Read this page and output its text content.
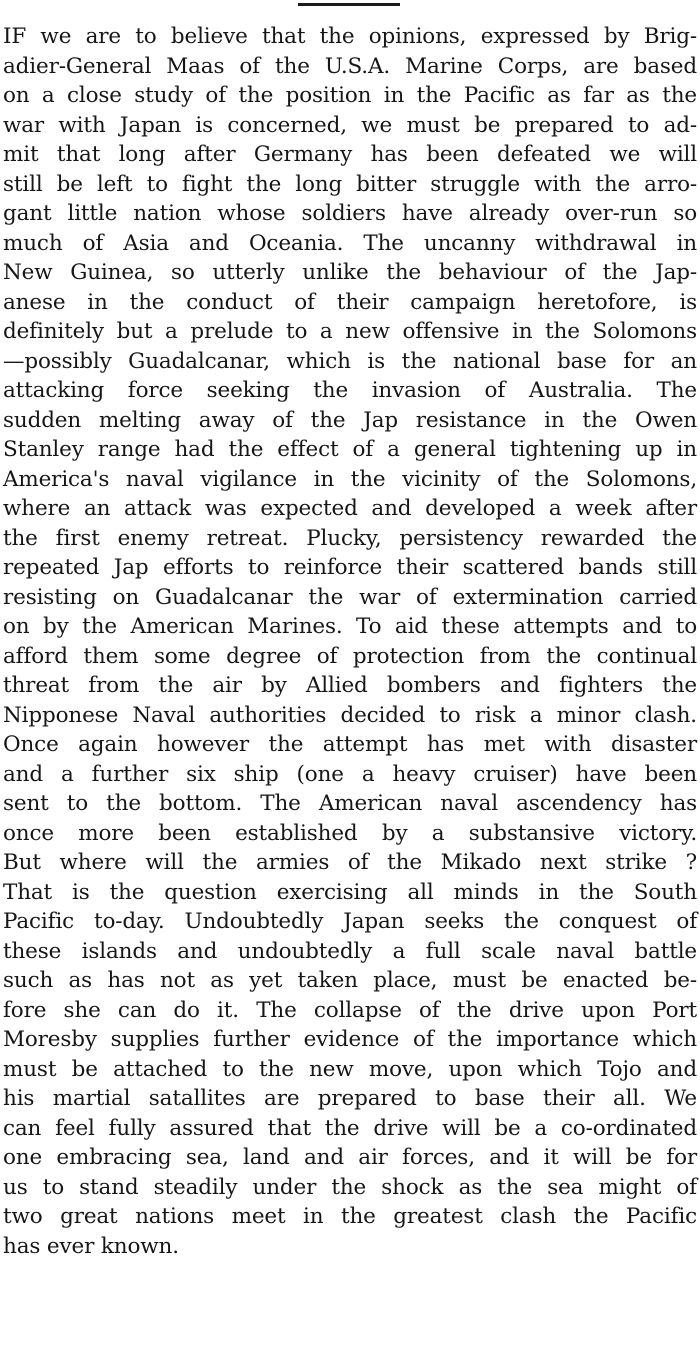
IF we are to believe that the opinions, expressed by Brig-
adier-General Maas of the U.S.A. Marine Corps, are based
on a close study of the position in the Pacific as far as the
war with Japan is concerned, we must be prepared to ad-
mit that long after Germany has been defeated we will
still be left to fight the long bitter struggle with the arro-
gant little nation whose soldiers have already over-run so
much of Asia and Oceania. The uncanny withdrawal in
New Guinea, so utterly unlike the behaviour of the Jap-
anese in the conduct of their campaign heretofore, is
definitely but a prelude to a new offensive in the Solomons
—possibly Guadalcanar, which is the national base for an
attacking force seeking the invasion of Australia. The
sudden melting away of the Jap resistance in the Owen
Stanley range had the effect of a general tightening up in
America's naval vigilance in the vicinity of the Solomons,
where an attack was expected and developed a week after
the first enemy retreat. Plucky, persistency rewarded the
repeated Jap efforts to reinforce their scattered bands still
resisting on Guadalcanar the war of extermination carried
on by the American Marines. To aid these attempts and to
afford them some degree of protection from the continual
threat from the air by Allied bombers and fighters the
Nipponese Naval authorities decided to risk a minor clash.
Once again however the attempt has met with disaster
and a further six ship (one a heavy cruiser) have been
sent to the bottom. The American naval ascendency has
once more been established by a substansive victory.
But where will the armies of the Mikado next strike ?
That is the question exercising all minds in the South
Pacific to-day. Undoubtedly Japan seeks the conquest of
these islands and undoubtedly a full scale naval battle
such as has not as yet taken place, must be enacted be-
fore she can do it. The collapse of the drive upon Port
Moresby supplies further evidence of the importance which
must be attached to the new move, upon which Tojo and
his martial satallites are prepared to base their all. We
can feel fully assured that the drive will be a co-ordinated
one embracing sea, land and air forces, and it will be for
us to stand steadily under the shock as the sea might of
two great nations meet in the greatest clash the Pacific
has ever known.
